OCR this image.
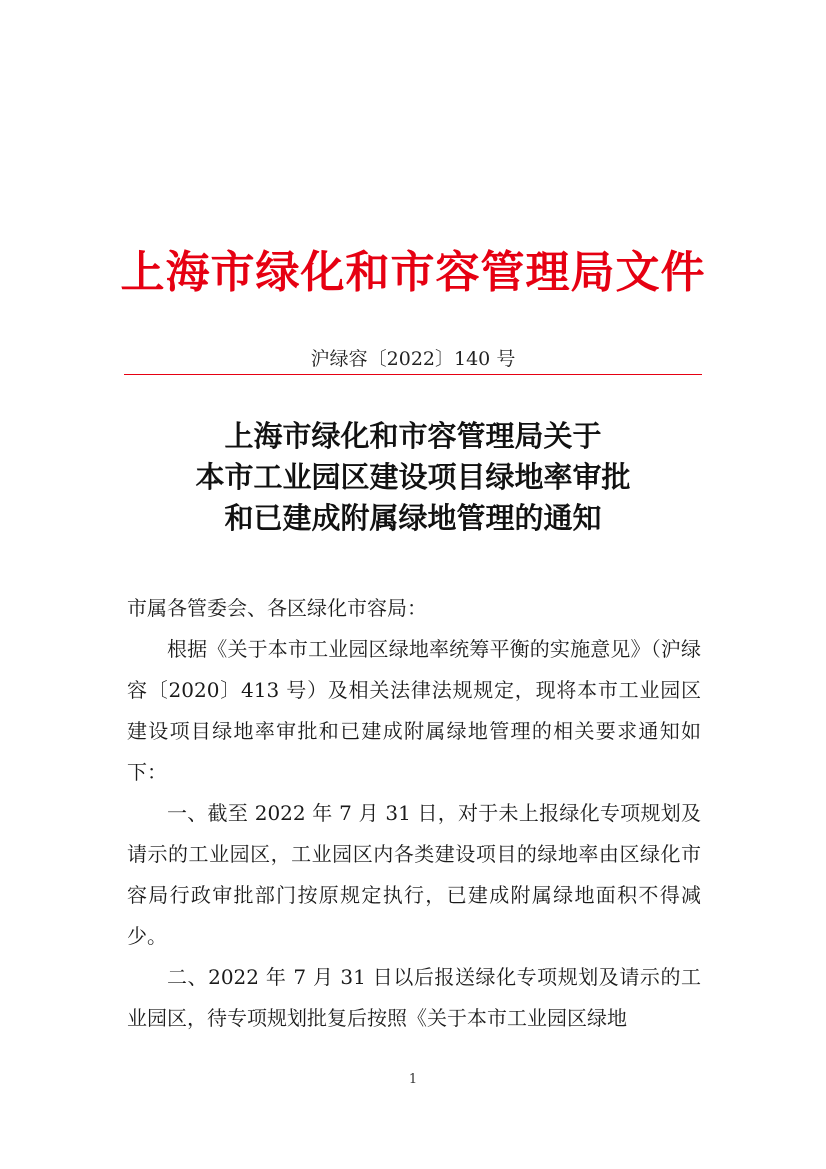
上海市绿化和市容管理局文件
沪绿容〔2022〕140 号
上海市绿化和市容管理局关于
本市工业园区建设项目绿地率审批
和已建成附属绿地管理的通知

市属各管委会、各区绿化市容局：

根据《关于本市工业园区绿地率统筹平衡的实施意见》（沪绿容〔2020〕413 号）及相关法律法规规定，现将本市工业园区建设项目绿地率审批和已建成附属绿地管理的相关要求通知如下：

一、截至 2022 年 7 月 31 日，对于未上报绿化专项规划及请示的工业园区，工业园区内各类建设项目的绿地率由区绿化市容局行政审批部门按原规定执行，已建成附属绿地面积不得减少。

二、2022 年 7 月 31 日以后报送绿化专项规划及请示的工业园区，待专项规划批复后按照《关于本市工业园区绿地

1
